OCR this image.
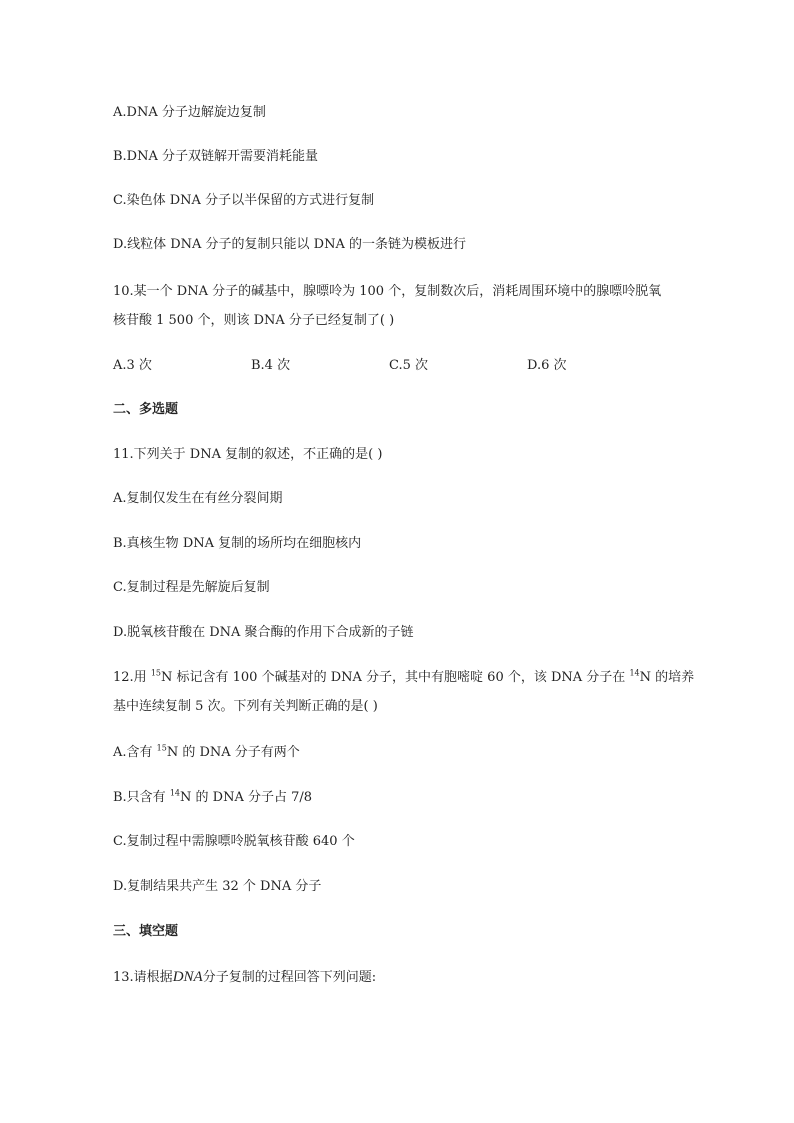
A.DNA 分子边解旋边复制
B.DNA 分子双链解开需要消耗能量
C.染色体 DNA 分子以半保留的方式进行复制
D.线粒体 DNA 分子的复制只能以 DNA 的一条链为模板进行
10.某一个 DNA 分子的碱基中，腺嘌呤为 100 个，复制数次后，消耗周围环境中的腺嘌呤脱氧
核苷酸 1 500 个，则该 DNA 分子已经复制了( )
A.3 次	B.4 次	C.5 次	D.6 次
二、多选题
11.下列关于 DNA 复制的叙述，不正确的是( )
A.复制仅发生在有丝分裂间期
B.真核生物 DNA 复制的场所均在细胞核内
C.复制过程是先解旋后复制
D.脱氧核苷酸在 DNA 聚合酶的作用下合成新的子链
12.用 $^{15}$N 标记含有 100 个碱基对的 DNA 分子，其中有胞嘧啶 60 个，该 DNA 分子在 $^{14}$N 的培养
基中连续复制 5 次。下列有关判断正确的是( )
A.含有 $^{15}$N 的 DNA 分子有两个
B.只含有 $^{14}$N 的 DNA 分子占 7/8
C.复制过程中需腺嘌呤脱氧核苷酸 640 个
D.复制结果共产生 32 个 DNA 分子
三、填空题
13.请根据DNA分子复制的过程回答下列问题:
